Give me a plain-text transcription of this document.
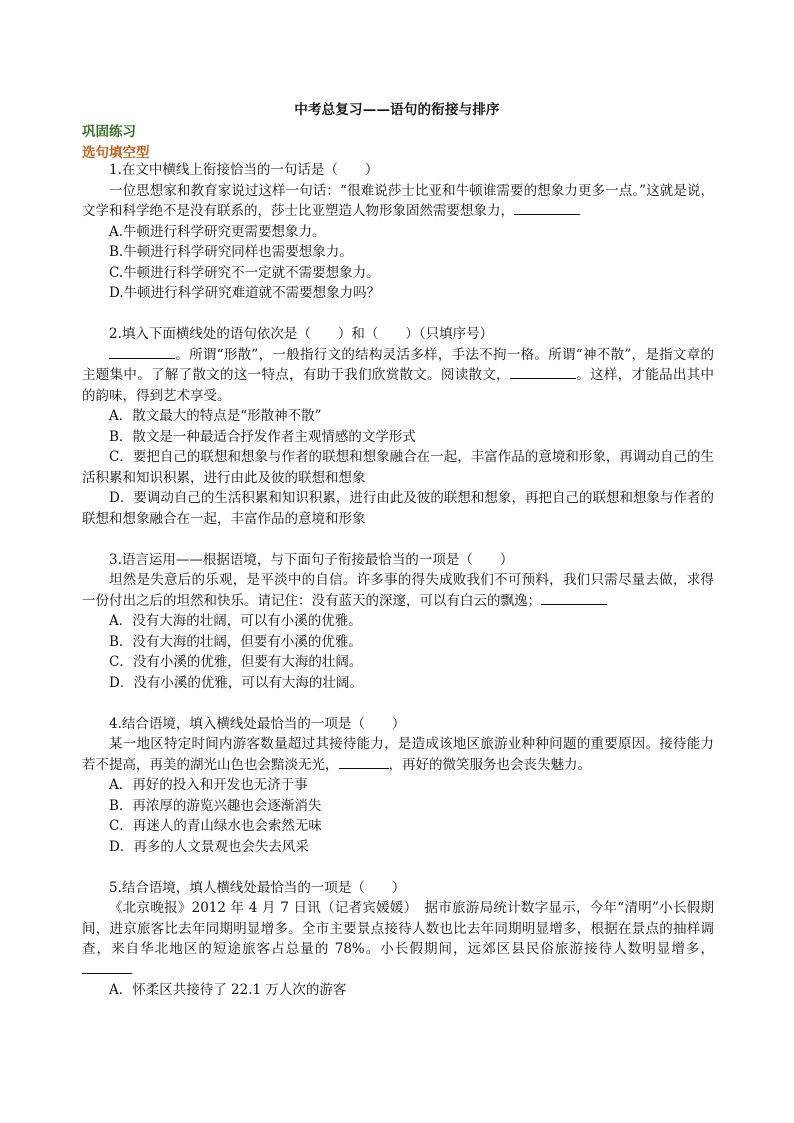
中考总复习——语句的衔接与排序
巩固练习
选句填空型

1.在文中横线上衔接恰当的一句话是（　　）

一位思想家和教育家说过这样一句话：“很难说莎士比亚和牛顿谁需要的想象力更多一点。”这就是说，文学和科学绝不是没有联系的，莎士比亚塑造人物形象固然需要想象力，

A.牛顿进行科学研究更需要想象力。

B.牛顿进行科学研究同样也需要想象力。

C.牛顿进行科学研究不一定就不需要想象力。

D.牛顿进行科学研究难道就不需要想象力吗？

2.填入下面横线处的语句依次是（　　）和（　　）（只填序号）

。所谓“形散”，一般指行文的结构灵活多样，手法不拘一格。所谓“神不散”，是指文章的主题集中。了解了散文的这一特点，有助于我们欣赏散文。阅读散文，	。这样，才能品出其中的韵味，得到艺术享受。

A．散文最大的特点是“形散神不散”

B．散文是一种最适合抒发作者主观情感的文学形式

C．要把自己的联想和想象与作者的联想和想象融合在一起，丰富作品的意境和形象，再调动自己的生活积累和知识积累，进行由此及彼的联想和想象

D．要调动自己的生活积累和知识积累，进行由此及彼的联想和想象，再把自己的联想和想象与作者的联想和想象融合在一起，丰富作品的意境和形象

3.语言运用——根据语境，与下面句子衔接最恰当的一项是（　　）

坦然是失意后的乐观，是平淡中的自信。许多事的得失成败我们不可预料，我们只需尽量去做，求得一份付出之后的坦然和快乐。请记住：没有蓝天的深邃，可以有白云的飘逸；

A．没有大海的壮阔，可以有小溪的优雅。

B．没有大海的壮阔，但要有小溪的优雅。

C．没有小溪的优雅，但要有大海的壮阔。

D．没有小溪的优雅，可以有大海的壮阔。

4.结合语境，填入横线处最恰当的一项是（　　）

某一地区特定时间内游客数量超过其接待能力，是造成该地区旅游业种种问题的重要原因。接待能力若不提高，再美的湖光山色也会黯淡无光，	，再好的微笑服务也会丧失魅力。

A．再好的投入和开发也无济于事

B．再浓厚的游览兴趣也会逐渐消失

C．再迷人的青山绿水也会索然无味

D．再多的人文景观也会失去风采

5.结合语境，填人横线处最恰当的一项是（　　）

《北京晚报》2012 年 4 月 7 日讯（记者宾媛媛）　据市旅游局统计数字显示，今年“清明”小长假期间，进京旅客比去年同期明显增多。全市主要景点接待人数也比去年同期明显增多，根据在景点的抽样调查，来自华北地区的短途旅客占总量的 78%。小长假期间，远郊区县民俗旅游接待人数明显增多，

A．怀柔区共接待了 22.1 万人次的游客
